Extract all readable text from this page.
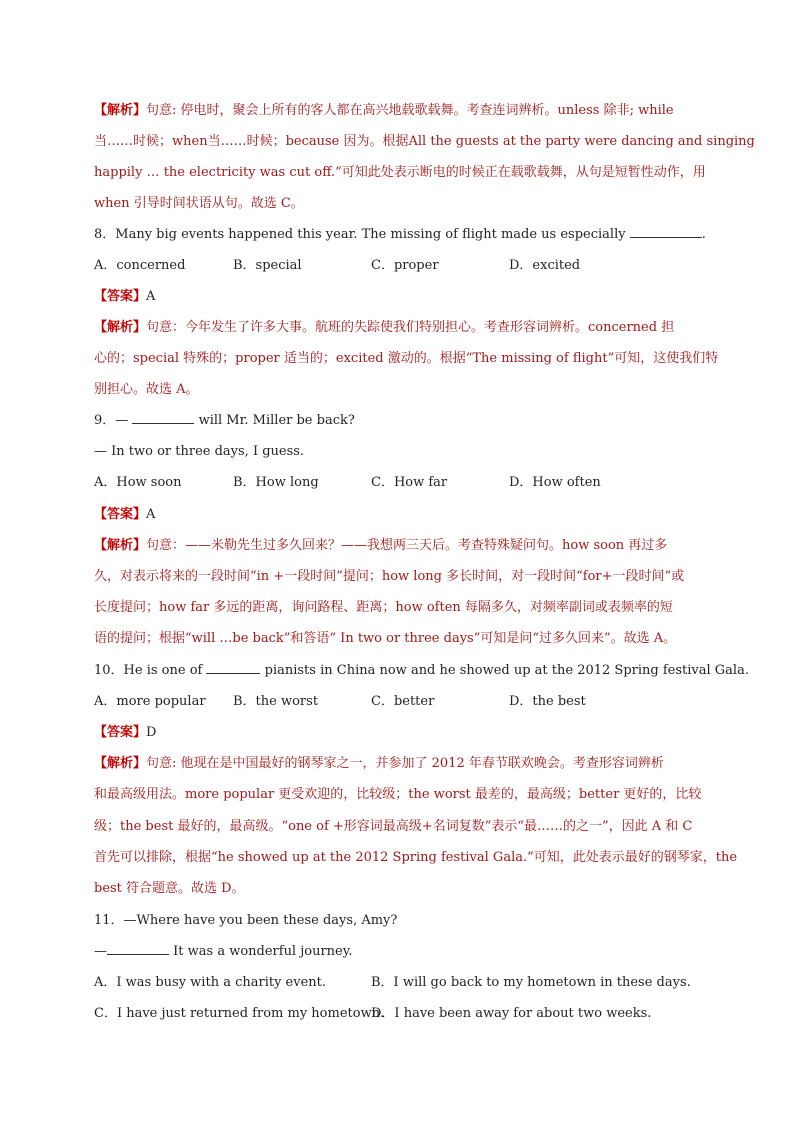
【解析】句意: 停电时，聚会上所有的客人都在高兴地载歌载舞。考查连词辨析。unless 除非; while
当……时候；when当……时候；because 因为。根据All the guests at the party were dancing and singing
happily … the electricity was cut off.”可知此处表示断电的时候正在载歌载舞，从句是短暂性动作，用
when 引导时间状语从句。故选 C。
8．Many big events happened this year. The missing of flight made us especially	.
A．concerned	B．special	C．proper	D．excited
【答案】A
【解析】句意：今年发生了许多大事。航班的失踪使我们特别担心。考查形容词辨析。concerned 担
心的；special 特殊的；proper 适当的；excited 激动的。根据“The missing of flight”可知，这使我们特
别担心。故选 A。
9．—	will Mr. Miller be back?
— In two or three days, I guess.
A．How soon	B．How long	C．How far	D．How often
【答案】A
【解析】句意：——米勒先生过多久回来？——我想两三天后。考查特殊疑问句。how soon 再过多
久，对表示将来的一段时间“in +一段时间”提问；how long 多长时间，对一段时间“for+一段时间”或
长度提问；how far 多远的距离，询问路程、距离；how often 每隔多久，对频率副词或表频率的短
语的提问；根据“will …be back”和答语“ In two or three days”可知是问“过多久回来”。故选 A。
10．He is one of	pianists in China now and he showed up at the 2012 Spring festival Gala.
A．more popular B．the worst	C．better	D．the best
【答案】D
【解析】句意: 他现在是中国最好的钢琴家之一，并参加了 2012 年春节联欢晚会。考查形容词辨析
和最高级用法。more popular 更受欢迎的，比较级；the worst 最差的，最高级；better 更好的，比较
级；the best 最好的，最高级。“one of +形容词最高级+名词复数”表示“最……的之一”，因此 A 和 C
首先可以排除，根据“he showed up at the 2012 Spring festival Gala.”可知，此处表示最好的钢琴家，the
best 符合题意。故选 D。
11．—Where have you been these days, Amy?
—	It was a wonderful journey.
A．I was busy with a charity event.	B．I will go back to my hometown in these days.
C．I have just returned from my hometown.
D．I have been away for about two weeks.
